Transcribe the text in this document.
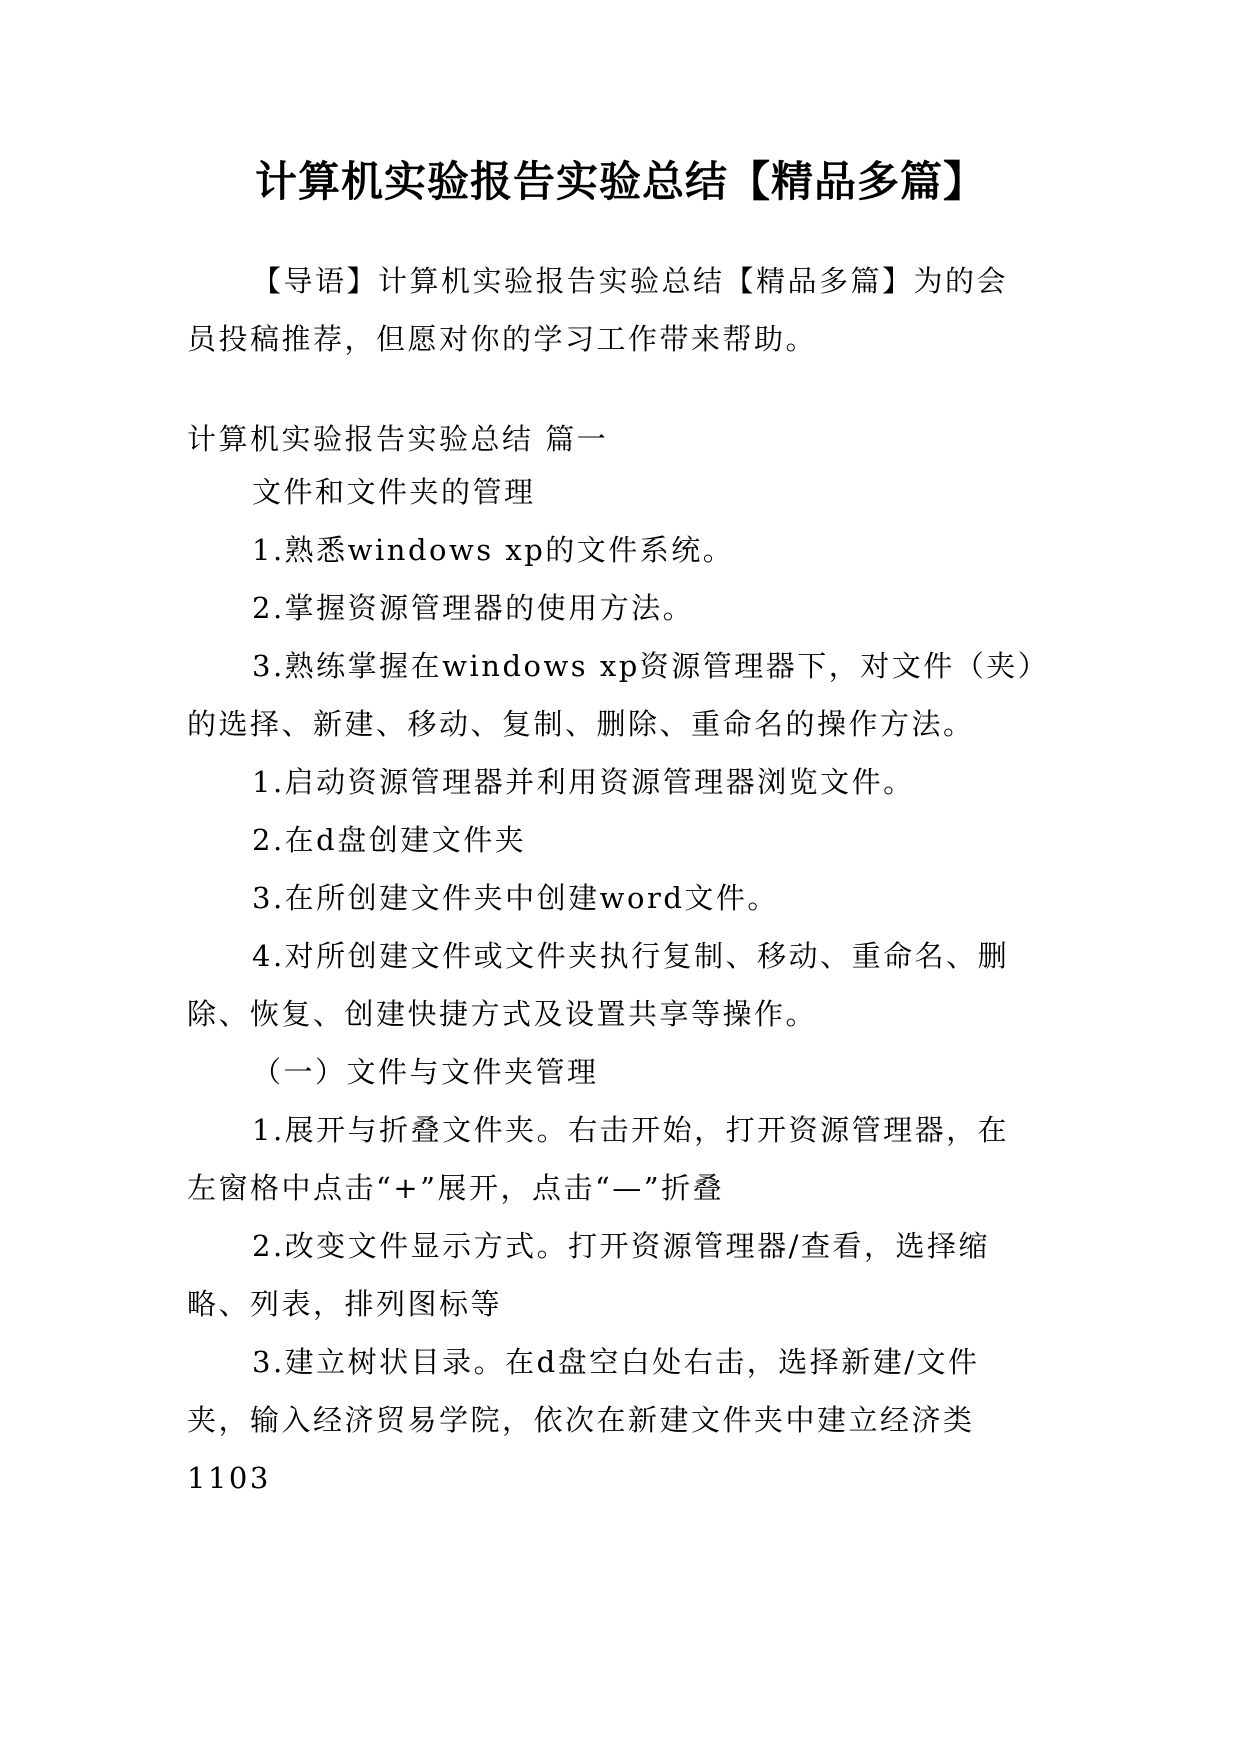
计算机实验报告实验总结【精品多篇】
【导语】计算机实验报告实验总结【精品多篇】为的会
员投稿推荐，但愿对你的学习工作带来帮助。
计算机实验报告实验总结 篇一
文件和文件夹的管理
1.熟悉windows xp的文件系统。
2.掌握资源管理器的使用方法。
3.熟练掌握在windows xp资源管理器下，对文件（夹）
的选择、新建、移动、复制、删除、重命名的操作方法。
1.启动资源管理器并利用资源管理器浏览文件。
2.在d盘创建文件夹
3.在所创建文件夹中创建word文件。
4.对所创建文件或文件夹执行复制、移动、重命名、删
除、恢复、创建快捷方式及设置共享等操作。
（一）文件与文件夹管理
1.展开与折叠文件夹。右击开始，打开资源管理器，在
左窗格中点击“+”展开，点击“—”折叠
2.改变文件显示方式。打开资源管理器/查看，选择缩
略、列表，排列图标等
3.建立树状目录。在d盘空白处右击，选择新建/文件
夹，输入经济贸易学院，依次在新建文件夹中建立经济类
1103
